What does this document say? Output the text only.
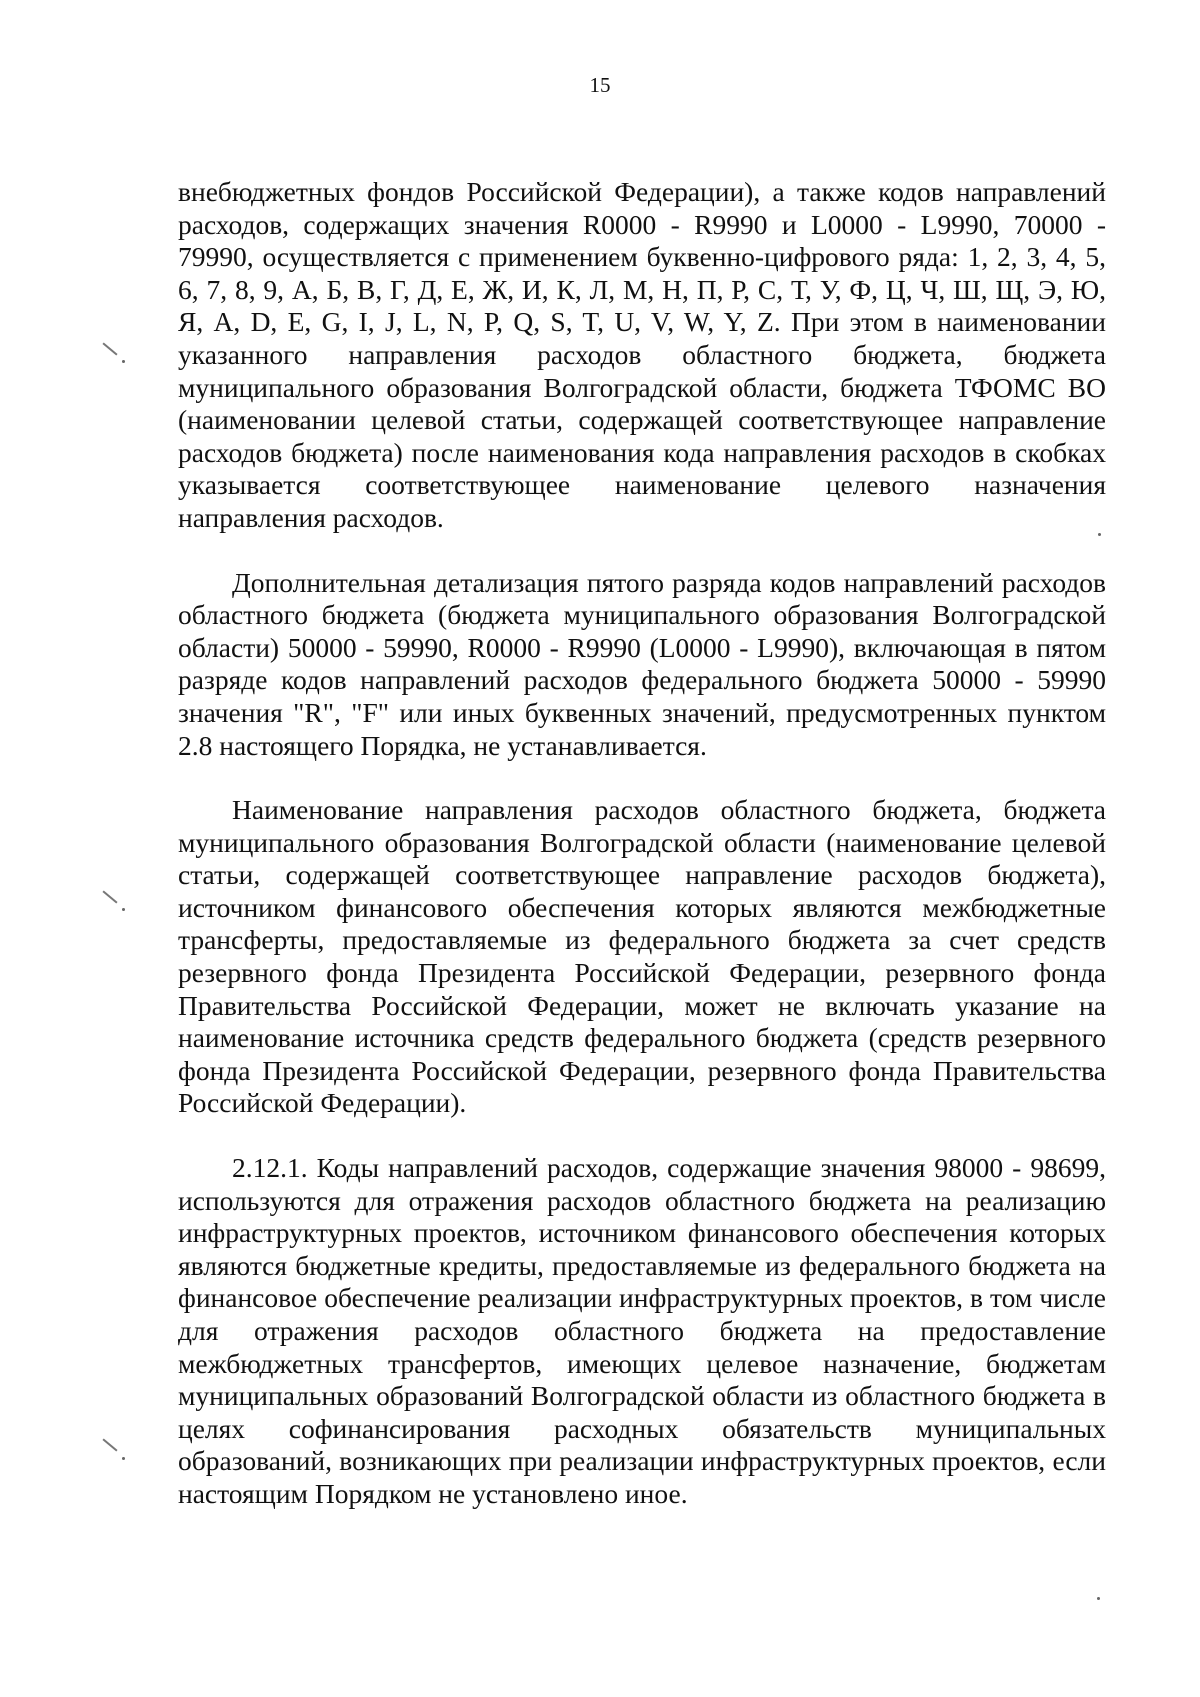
15

внебюджетных фондов Российской Федерации), а также кодов направлений расходов, содержащих значения R0000 - R9990 и L0000 - L9990, 70000 - 79990, осуществляется с применением буквенно-цифрового ряда: 1, 2, 3, 4, 5, 6, 7, 8, 9, А, Б, В, Г, Д, Е, Ж, И, К, Л, М, Н, П, Р, С, Т, У, Ф, Ц, Ч, Ш, Щ, Э, Ю, Я, A, D, E, G, I, J, L, N, P, Q, S, T, U, V, W, Y, Z. При этом в наименовании указанного направления расходов областного бюджета, бюджета муниципального образования Волгоградской области, бюджета ТФОМС ВО (наименовании целевой статьи, содержащей соответствующее направление расходов бюджета) после наименования кода направления расходов в скобках указывается соответствующее наименование целевого назначения направления расходов.

Дополнительная детализация пятого разряда кодов направлений расходов областного бюджета (бюджета муниципального образования Волгоградской области) 50000 - 59990, R0000 - R9990 (L0000 - L9990), включающая в пятом разряде кодов направлений расходов федерального бюджета 50000 - 59990 значения "R", "F" или иных буквенных значений, предусмотренных пунктом 2.8 настоящего Порядка, не устанавливается.

Наименование направления расходов областного бюджета, бюджета муниципального образования Волгоградской области (наименование целевой статьи, содержащей соответствующее направление расходов бюджета), источником финансового обеспечения которых являются межбюджетные трансферты, предоставляемые из федерального бюджета за счет средств резервного фонда Президента Российской Федерации, резервного фонда Правительства Российской Федерации, может не включать указание на наименование источника средств федерального бюджета (средств резервного фонда Президента Российской Федерации, резервного фонда Правительства Российской Федерации).

2.12.1. Коды направлений расходов, содержащие значения 98000 - 98699, используются для отражения расходов областного бюджета на реализацию инфраструктурных проектов, источником финансового обеспечения которых являются бюджетные кредиты, предоставляемые из федерального бюджета на финансовое обеспечение реализации инфраструктурных проектов, в том числе для отражения расходов областного бюджета на предоставление межбюджетных трансфертов, имеющих целевое назначение, бюджетам муниципальных образований Волгоградской области из областного бюджета в целях софинансирования расходных обязательств муниципальных образований, возникающих при реализации инфраструктурных проектов, если настоящим Порядком не установлено иное.
